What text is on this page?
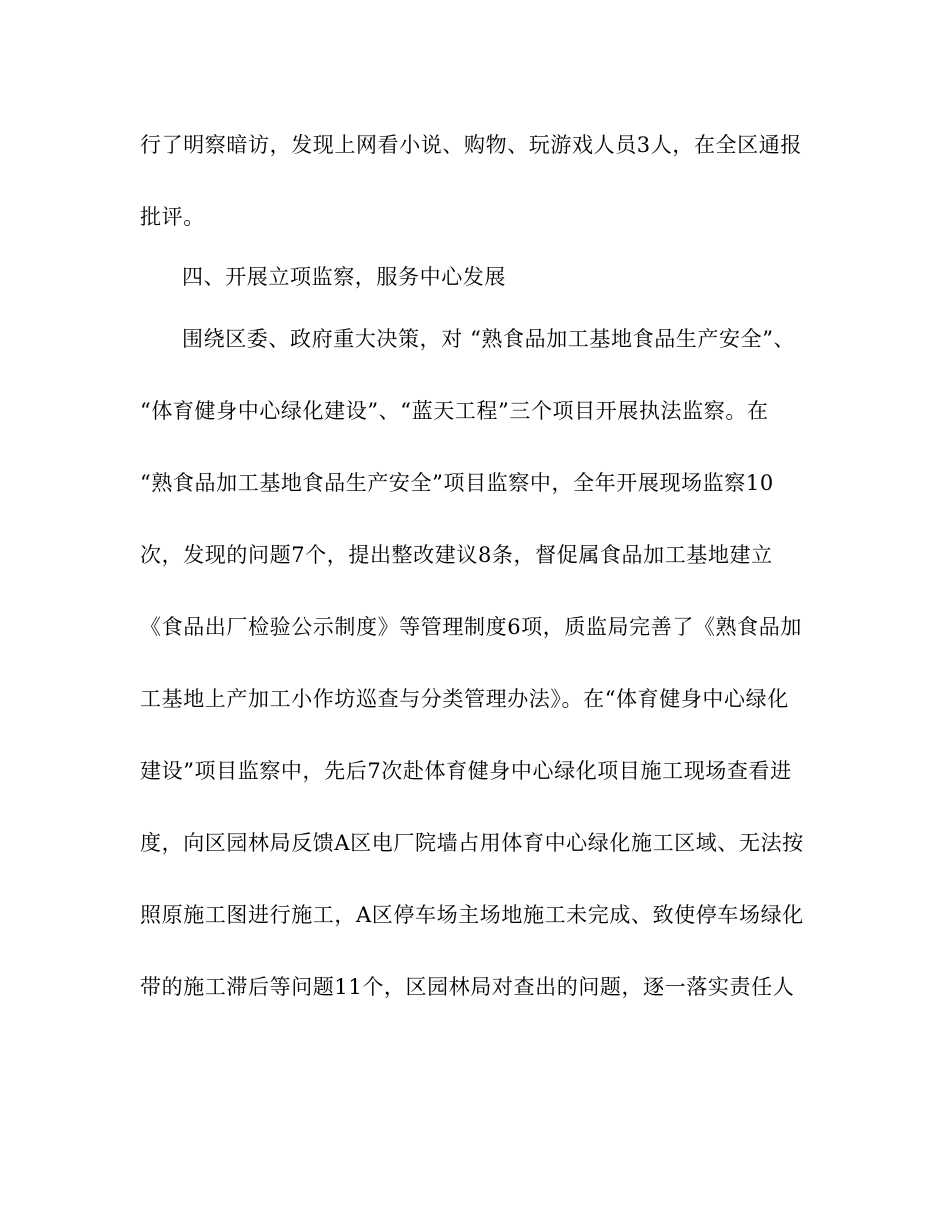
行了明察暗访，发现上网看小说、购物、玩游戏人员3人，在全区通报
批评。
四、开展立项监察，服务中心发展
围绕区委、政府重大决策，对 “熟食品加工基地食品生产安全”、
“体育健身中心绿化建设”、“蓝天工程”三个项目开展执法监察。在
“熟食品加工基地食品生产安全”项目监察中，全年开展现场监察10
次，发现的问题7个，提出整改建议8条，督促属食品加工基地建立
《食品出厂检验公示制度》等管理制度6项，质监局完善了《熟食品加
工基地上产加工小作坊巡查与分类管理办法》。在“体育健身中心绿化
建设”项目监察中，先后7次赴体育健身中心绿化项目施工现场查看进
度，向区园林局反馈A区电厂院墙占用体育中心绿化施工区域、无法按
照原施工图进行施工，A区停车场主场地施工未完成、致使停车场绿化
带的施工滞后等问题11个，区园林局对查出的问题，逐一落实责任人
